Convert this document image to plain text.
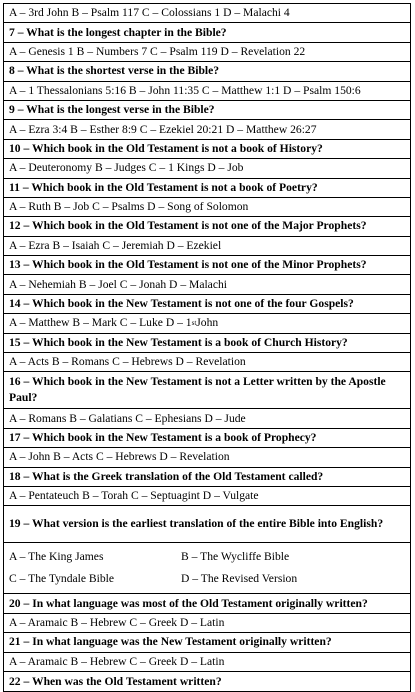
A – 3rd John B – Psalm 117 C – Colossians 1 D – Malachi 4
7 – What is the longest chapter in the Bible?
A – Genesis 1 B – Numbers 7 C – Psalm 119 D – Revelation 22
8 – What is the shortest verse in the Bible?
A – 1 Thessalonians 5:16 B – John 11:35 C – Matthew 1:1 D – Psalm 150:6
9 – What is the longest verse in the Bible?
A – Ezra 3:4 B – Esther 8:9 C – Ezekiel 20:21 D – Matthew 26:27
10 – Which book in the Old Testament is not a book of History?
A – Deuteronomy B – Judges C – 1 Kings D – Job
11 – Which book in the Old Testament is not a book of Poetry?
A – Ruth B – Job C – Psalms D – Song of Solomon
12 – Which book in the Old Testament is not one of the Major Prophets?
A – Ezra B – Isaiah C – Jeremiah D – Ezekiel
13 – Which book in the Old Testament is not one of the Minor Prophets?
A – Nehemiah B – Joel C – Jonah D – Malachi
14 – Which book in the New Testament is not one of the four Gospels?
A – Matthew B – Mark C – Luke D – 1 st John
15 – Which book in the New Testament is a book of Church History?
A – Acts B – Romans C – Hebrews D – Revelation
16 – Which book in the New Testament is not a Letter written by the Apostle Paul?
A – Romans B – Galatians C – Ephesians D – Jude
17 – Which book in the New Testament is a book of Prophecy?
A – John B – Acts C – Hebrews D – Revelation
18 – What is the Greek translation of the Old Testament called?
A – Pentateuch B – Torah C – Septuagint D – Vulgate
19 – What version is the earliest translation of the entire Bible into English?
A – The King James	B – The Wycliffe Bible
C – The Tyndale Bible	D – The Revised Version
20 – In what language was most of the Old Testament originally written?
A – Aramaic B – Hebrew C – Greek D – Latin
21 – In what language was the New Testament originally written?
A – Aramaic B – Hebrew C – Greek D – Latin
22 – When was the Old Testament written?
